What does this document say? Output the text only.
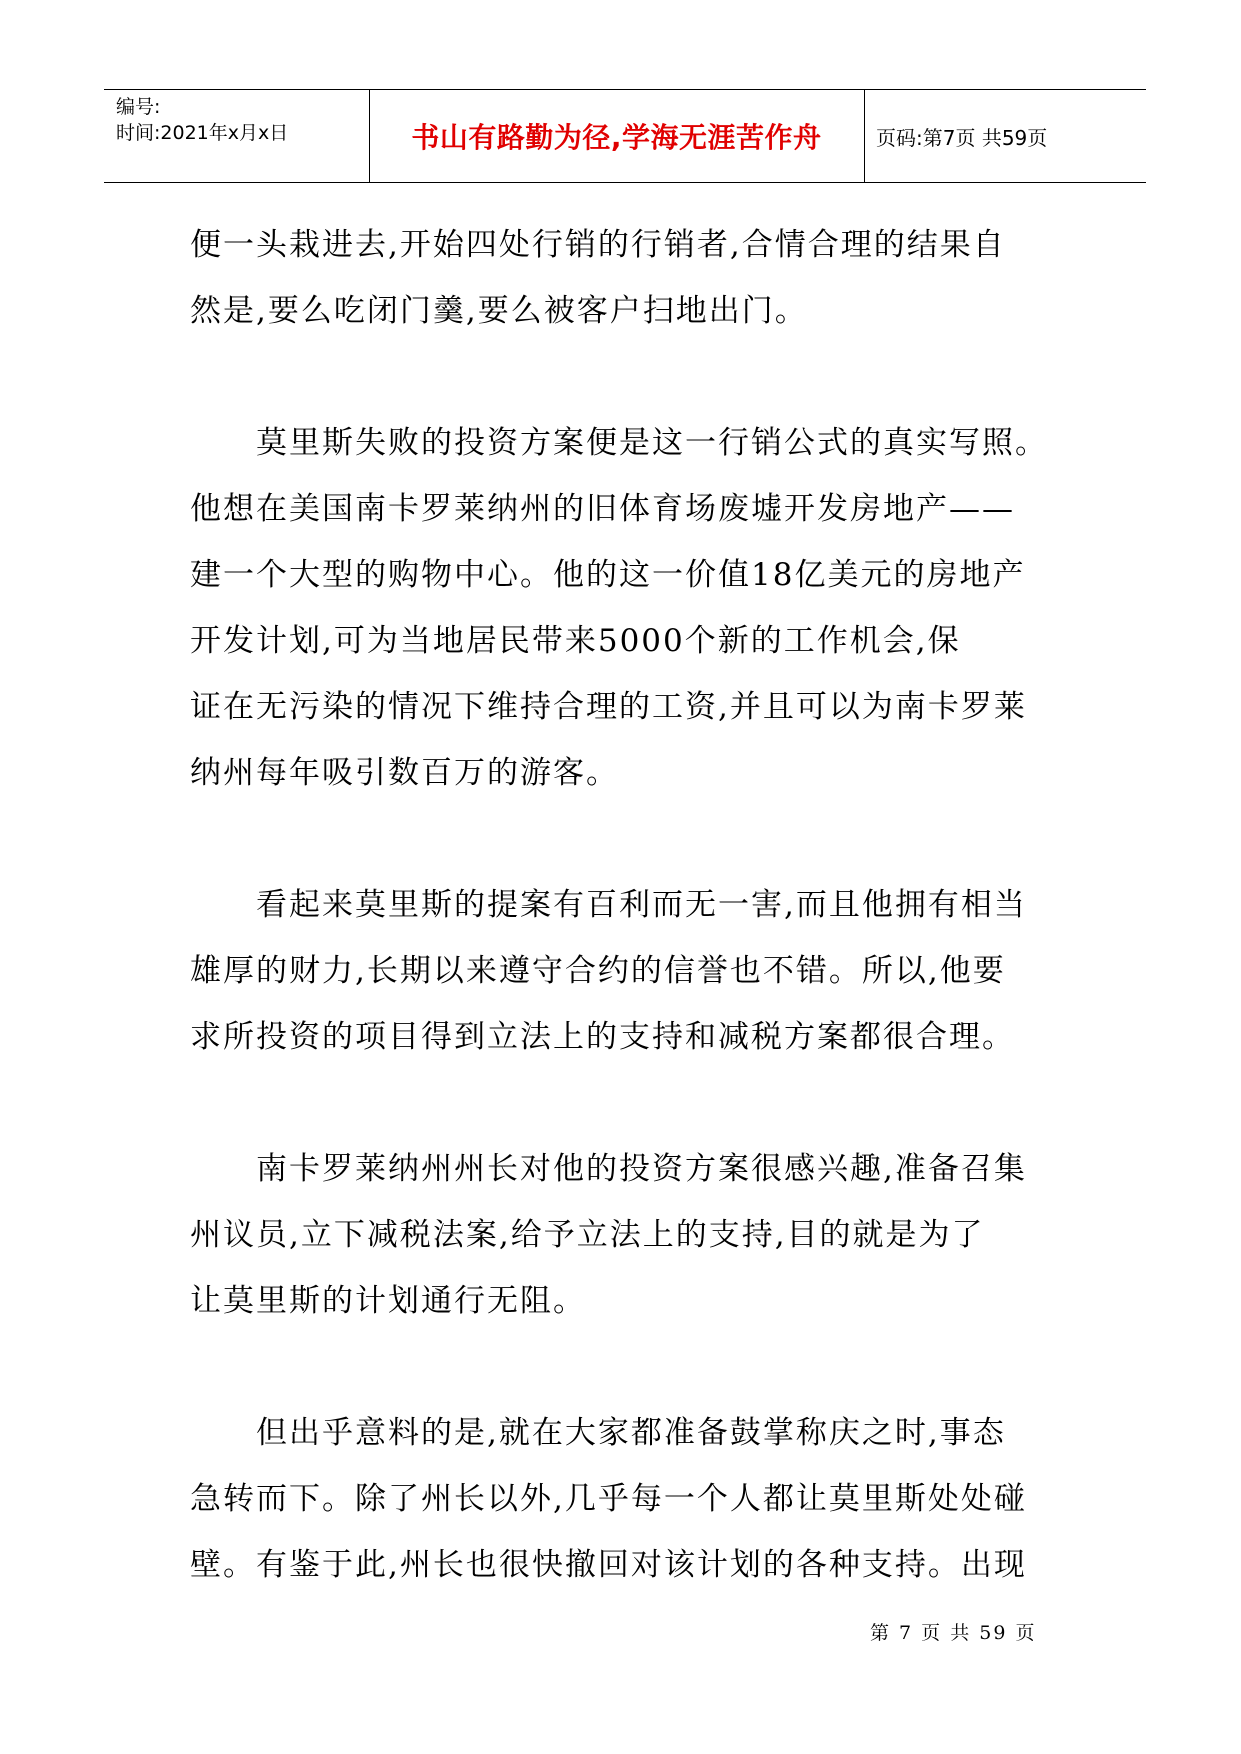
编号:
时间:2021年x月x日	书山有路勤为径,学海无涯苦作舟	页码:第7页 共59页

便一头栽进去,开始四处行销的行销者,合情合理的结果自
然是,要么吃闭门羹,要么被客户扫地出门。

莫里斯失败的投资方案便是这一行销公式的真实写照。
他想在美国南卡罗莱纳州的旧体育场废墟开发房地产——
建一个大型的购物中心。他的这一价值18亿美元的房地产
开发计划,可为当地居民带来5000个新的工作机会,保
证在无污染的情况下维持合理的工资,并且可以为南卡罗莱
纳州每年吸引数百万的游客。

看起来莫里斯的提案有百利而无一害,而且他拥有相当
雄厚的财力,长期以来遵守合约的信誉也不错。所以,他要
求所投资的项目得到立法上的支持和减税方案都很合理。

南卡罗莱纳州州长对他的投资方案很感兴趣,准备召集
州议员,立下减税法案,给予立法上的支持,目的就是为了
让莫里斯的计划通行无阻。

但出乎意料的是,就在大家都准备鼓掌称庆之时,事态
急转而下。除了州长以外,几乎每一个人都让莫里斯处处碰
壁。有鉴于此,州长也很快撤回对该计划的各种支持。出现

第 7 页 共 59 页
